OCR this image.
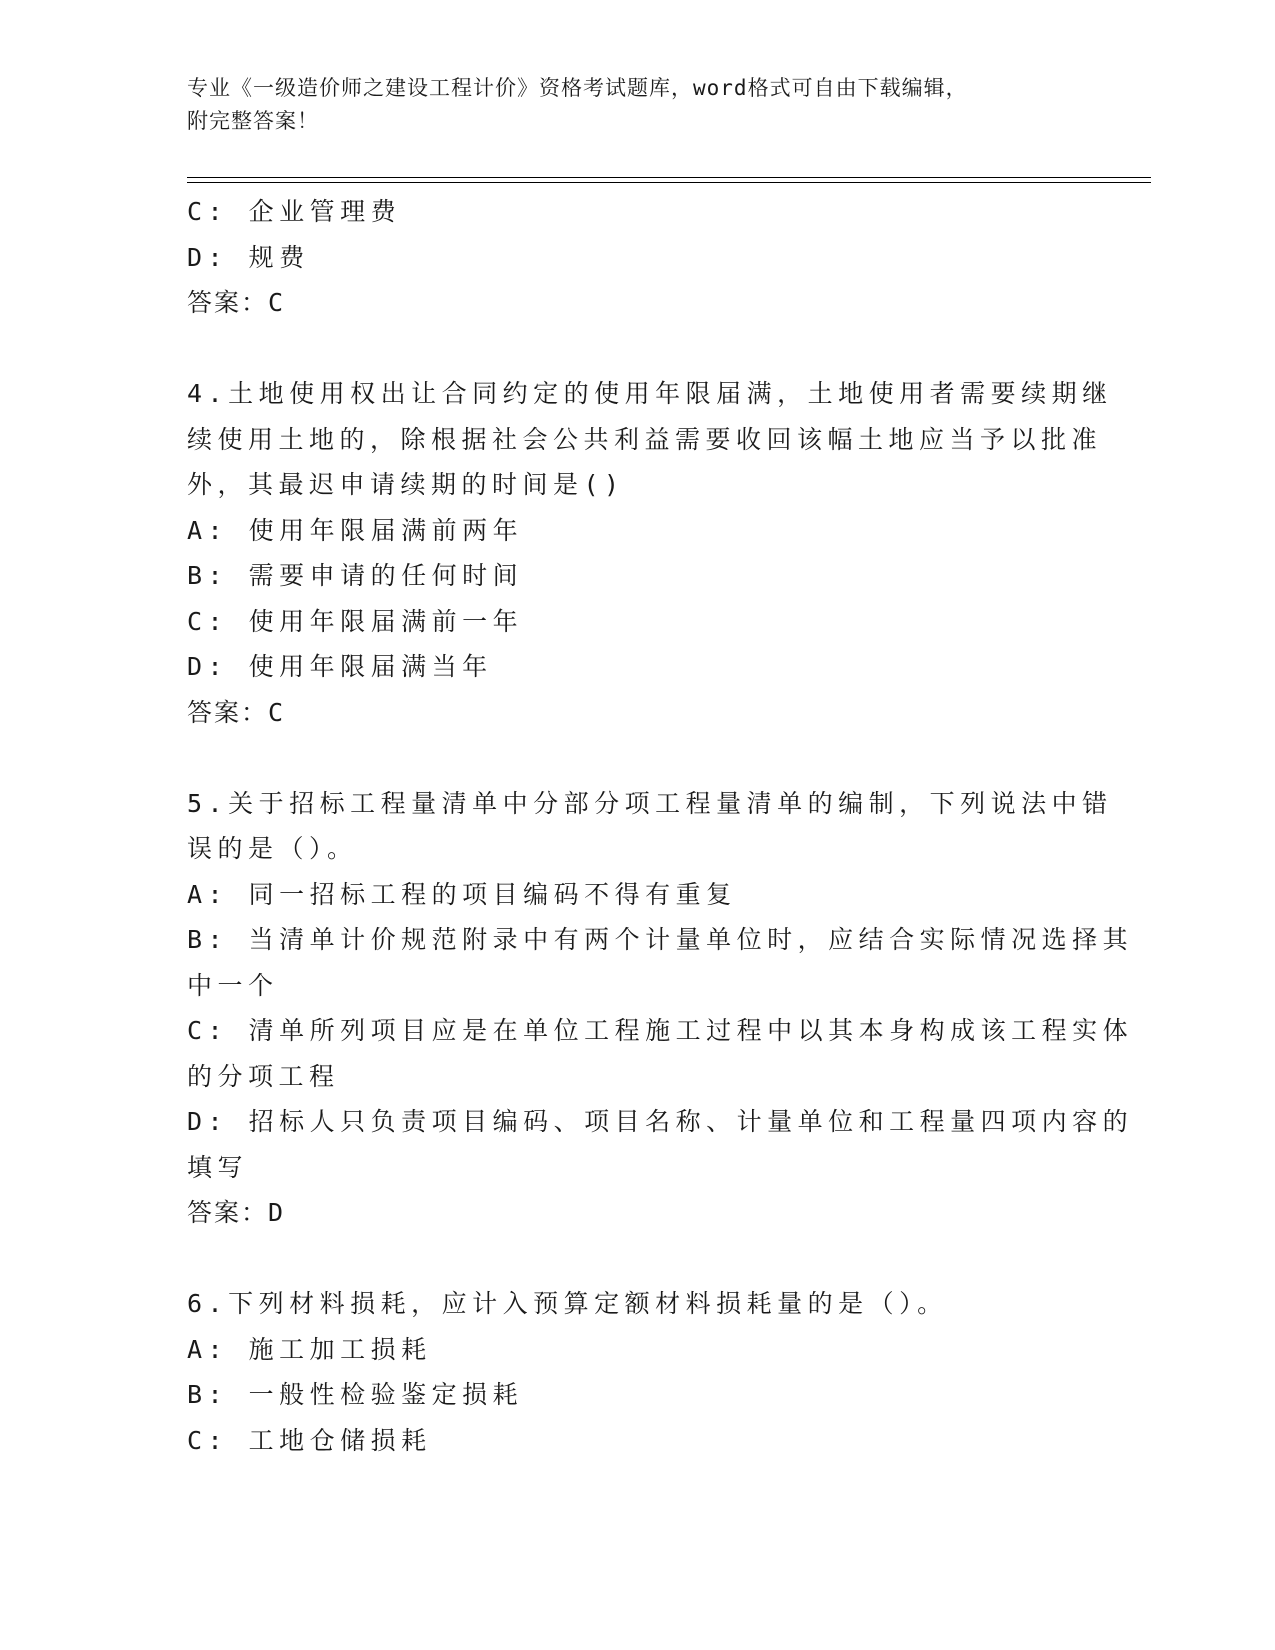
专业《一级造价师之建设工程计价》资格考试题库，word格式可自由下载编辑，
附完整答案！
C: 企业管理费
D: 规费
答案：C
4.土地使用权出让合同约定的使用年限届满，土地使用者需要续期继
续使用土地的，除根据社会公共利益需要收回该幅土地应当予以批准
外，其最迟申请续期的时间是()
A: 使用年限届满前两年
B: 需要申请的任何时间
C: 使用年限届满前一年
D: 使用年限届满当年
答案：C
5.关于招标工程量清单中分部分项工程量清单的编制，下列说法中错
误的是（）。
A: 同一招标工程的项目编码不得有重复
B: 当清单计价规范附录中有两个计量单位时，应结合实际情况选择其
中一个
C: 清单所列项目应是在单位工程施工过程中以其本身构成该工程实体
的分项工程
D: 招标人只负责项目编码、项目名称、计量单位和工程量四项内容的
填写
答案：D
6.下列材料损耗，应计入预算定额材料损耗量的是（）。
A: 施工加工损耗
B: 一般性检验鉴定损耗
C: 工地仓储损耗
